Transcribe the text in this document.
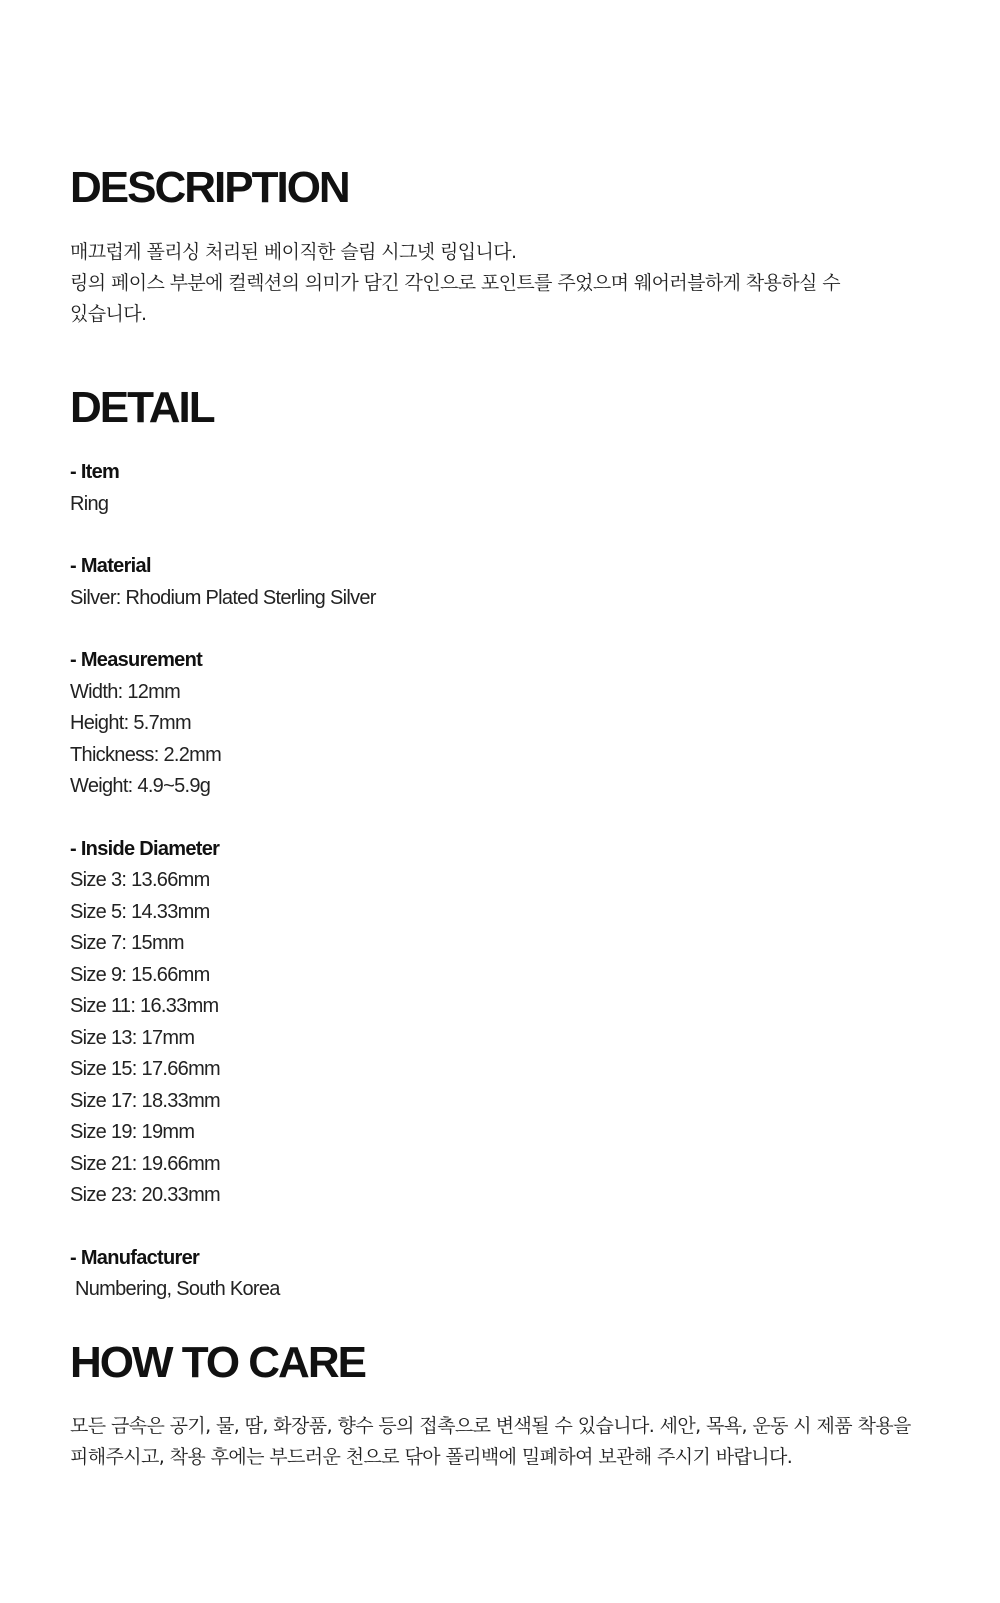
DESCRIPTION
매끄럽게 폴리싱 처리된 베이직한 슬림 시그넷 링입니다.
링의 페이스 부분에 컬렉션의 의미가 담긴 각인으로 포인트를 주었으며 웨어러블하게 착용하실 수
있습니다.
DETAIL
- Item
Ring
- Material
Silver: Rhodium Plated Sterling Silver
- Measurement
Width: 12mm
Height: 5.7mm
Thickness: 2.2mm
Weight: 4.9~5.9g
- Inside Diameter
Size 3: 13.66mm
Size 5: 14.33mm
Size 7: 15mm
Size 9: 15.66mm
Size 11: 16.33mm
Size 13: 17mm
Size 15: 17.66mm
Size 17: 18.33mm
Size 19: 19mm
Size 21: 19.66mm
Size 23: 20.33mm
- Manufacturer
Numbering, South Korea
HOW TO CARE
모든 금속은 공기, 물, 땀, 화장품, 향수 등의 접촉으로 변색될 수 있습니다. 세안, 목욕, 운동 시 제품 착용을
피해주시고, 착용 후에는 부드러운 천으로 닦아 폴리백에 밀폐하여 보관해 주시기 바랍니다.
